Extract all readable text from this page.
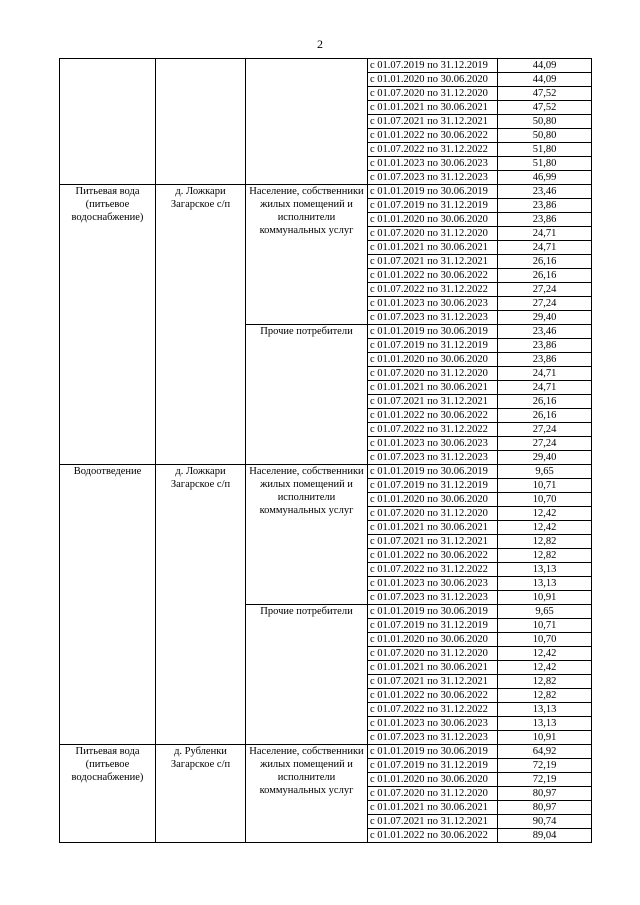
2
			с 01.07.2019 по 31.12.2019	44,09
			с 01.01.2020 по 30.06.2020	44,09
			с 01.07.2020 по 31.12.2020	47,52
			с 01.01.2021 по 30.06.2021	47,52
			с 01.07.2021 по 31.12.2021	50,80
			с 01.01.2022 по 30.06.2022	50,80
			с 01.07.2022 по 31.12.2022	51,80
			с 01.01.2023 по 30.06.2023	51,80
			с 01.07.2023 по 31.12.2023	46,99
Питьевая вода (питьевое водоснабжение)	д. Ложкари Загарское с/п	Население, собственники жилых помещений и исполнители коммунальных услуг	с 01.01.2019 по 30.06.2019	23,46
			с 01.07.2019 по 31.12.2019	23,86
			с 01.01.2020 по 30.06.2020	23,86
			с 01.07.2020 по 31.12.2020	24,71
			с 01.01.2021 по 30.06.2021	24,71
			с 01.07.2021 по 31.12.2021	26,16
			с 01.01.2022 по 30.06.2022	26,16
			с 01.07.2022 по 31.12.2022	27,24
			с 01.01.2023 по 30.06.2023	27,24
			с 01.07.2023 по 31.12.2023	29,40
		Прочие потребители	с 01.01.2019 по 30.06.2019	23,46
			с 01.07.2019 по 31.12.2019	23,86
			с 01.01.2020 по 30.06.2020	23,86
			с 01.07.2020 по 31.12.2020	24,71
			с 01.01.2021 по 30.06.2021	24,71
			с 01.07.2021 по 31.12.2021	26,16
			с 01.01.2022 по 30.06.2022	26,16
			с 01.07.2022 по 31.12.2022	27,24
			с 01.01.2023 по 30.06.2023	27,24
			с 01.07.2023 по 31.12.2023	29,40
Водоотведение	д. Ложкари Загарское с/п	Население, собственники жилых помещений и исполнители коммунальных услуг	с 01.01.2019 по 30.06.2019	9,65
			с 01.07.2019 по 31.12.2019	10,71
			с 01.01.2020 по 30.06.2020	10,70
			с 01.07.2020 по 31.12.2020	12,42
			с 01.01.2021 по 30.06.2021	12,42
			с 01.07.2021 по 31.12.2021	12,82
			с 01.01.2022 по 30.06.2022	12,82
			с 01.07.2022 по 31.12.2022	13,13
			с 01.01.2023 по 30.06.2023	13,13
			с 01.07.2023 по 31.12.2023	10,91
		Прочие потребители	с 01.01.2019 по 30.06.2019	9,65
			с 01.07.2019 по 31.12.2019	10,71
			с 01.01.2020 по 30.06.2020	10,70
			с 01.07.2020 по 31.12.2020	12,42
			с 01.01.2021 по 30.06.2021	12,42
			с 01.07.2021 по 31.12.2021	12,82
			с 01.01.2022 по 30.06.2022	12,82
			с 01.07.2022 по 31.12.2022	13,13
			с 01.01.2023 по 30.06.2023	13,13
			с 01.07.2023 по 31.12.2023	10,91
Питьевая вода (питьевое водоснабжение)	д. Рубленки Загарское с/п	Население, собственники жилых помещений и исполнители коммунальных услуг	с 01.01.2019 по 30.06.2019	64,92
			с 01.07.2019 по 31.12.2019	72,19
			с 01.01.2020 по 30.06.2020	72,19
			с 01.07.2020 по 31.12.2020	80,97
			с 01.01.2021 по 30.06.2021	80,97
			с 01.07.2021 по 31.12.2021	90,74
			с 01.01.2022 по 30.06.2022	89,04
